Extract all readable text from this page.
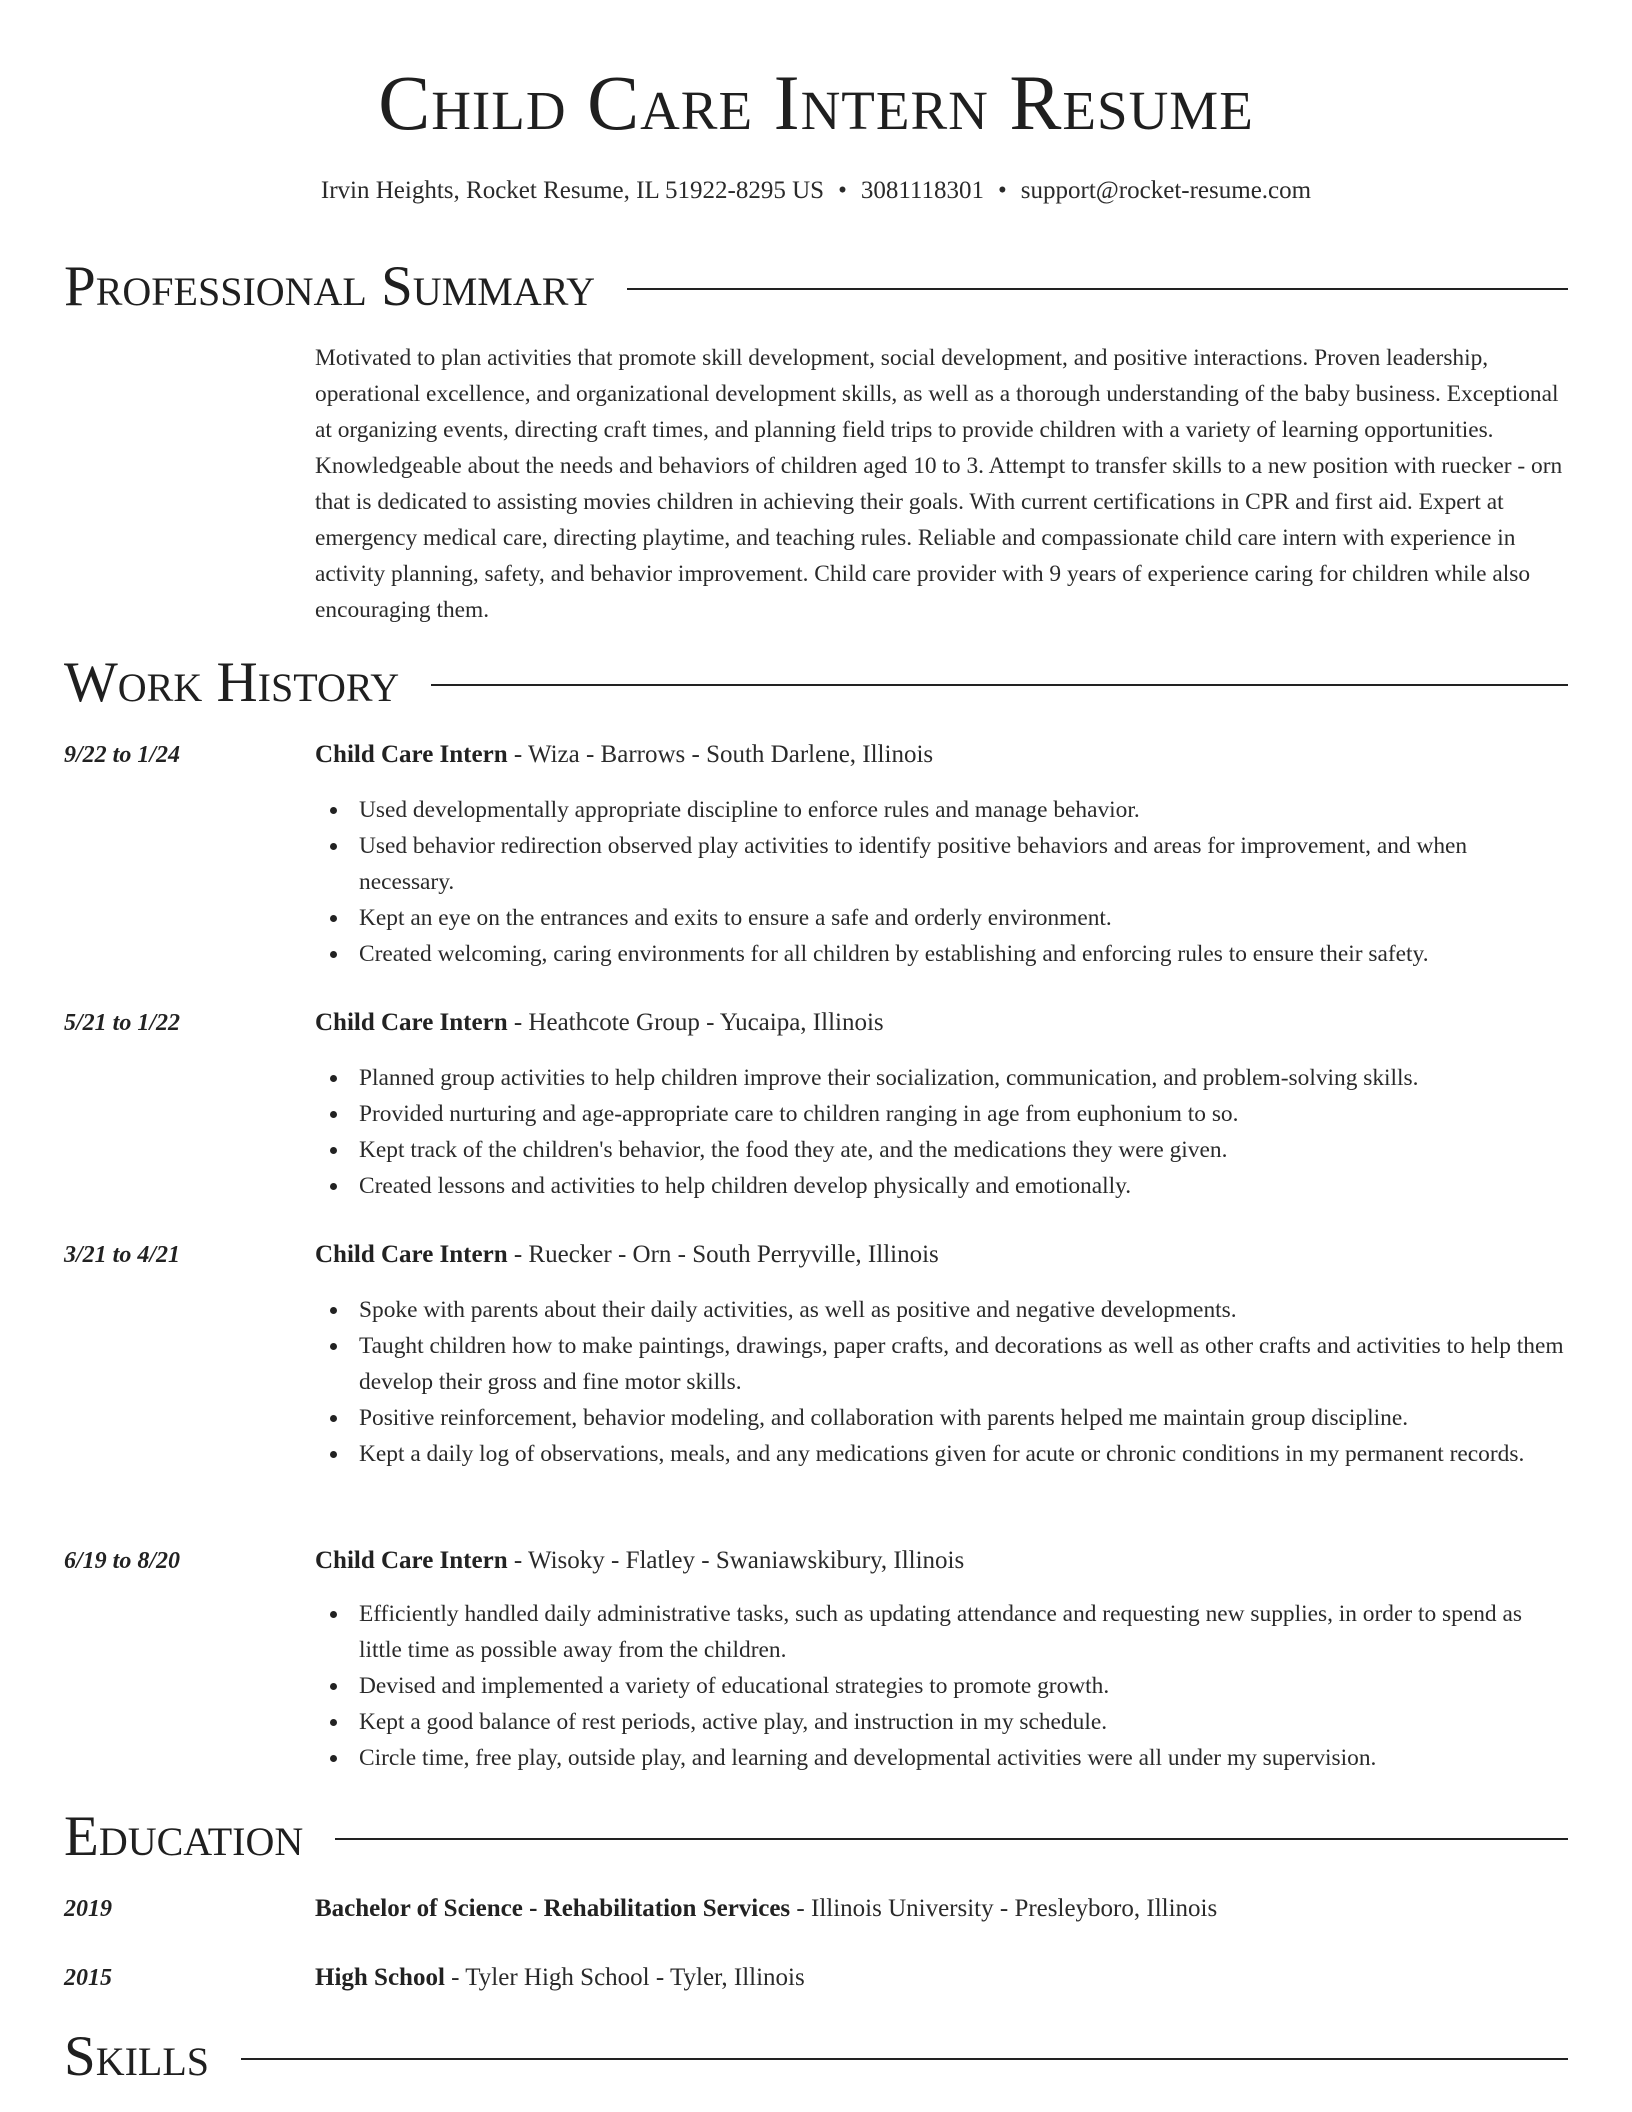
Child Care Intern Resume
Irvin Heights, Rocket Resume, IL 51922-8295 US • 3081118301 • support@rocket-resume.com
Professional Summary

Motivated to plan activities that promote skill development, social development, and positive interactions. Proven leadership, operational excellence, and organizational development skills, as well as a thorough understanding of the baby business. Exceptional at organizing events, directing craft times, and planning field trips to provide children with a variety of learning opportunities. Knowledgeable about the needs and behaviors of children aged 10 to 3. Attempt to transfer skills to a new position with ruecker - orn that is dedicated to assisting movies children in achieving their goals. With current certifications in CPR and first aid. Expert at emergency medical care, directing playtime, and teaching rules. Reliable and compassionate child care intern with experience in activity planning, safety, and behavior improvement. Child care provider with 9 years of experience caring for children while also encouraging them.

Work History
9/22 to 1/24	Child Care Intern - Wiza - Barrows - South Darlene, Illinois
Used developmentally appropriate discipline to enforce rules and manage behavior.
Used behavior redirection observed play activities to identify positive behaviors and areas for improvement, and when necessary.
Kept an eye on the entrances and exits to ensure a safe and orderly environment.
Created welcoming, caring environments for all children by establishing and enforcing rules to ensure their safety.
5/21 to 1/22	Child Care Intern - Heathcote Group - Yucaipa, Illinois
Planned group activities to help children improve their socialization, communication, and problem-solving skills.
Provided nurturing and age-appropriate care to children ranging in age from euphonium to so.
Kept track of the children's behavior, the food they ate, and the medications they were given.
Created lessons and activities to help children develop physically and emotionally.
3/21 to 4/21	Child Care Intern - Ruecker - Orn - South Perryville, Illinois
Spoke with parents about their daily activities, as well as positive and negative developments.
Taught children how to make paintings, drawings, paper crafts, and decorations as well as other crafts and activities to help them develop their gross and fine motor skills.
Positive reinforcement, behavior modeling, and collaboration with parents helped me maintain group discipline.
Kept a daily log of observations, meals, and any medications given for acute or chronic conditions in my permanent records.
6/19 to 8/20	Child Care Intern - Wisoky - Flatley - Swaniawskibury, Illinois
Efficiently handled daily administrative tasks, such as updating attendance and requesting new supplies, in order to spend as little time as possible away from the children.
Devised and implemented a variety of educational strategies to promote growth.
Kept a good balance of rest periods, active play, and instruction in my schedule.
Circle time, free play, outside play, and learning and developmental activities were all under my supervision.
Education
2019	Bachelor of Science - Rehabilitation Services - Illinois University - Presleyboro, Illinois
2015	High School - Tyler High School - Tyler, Illinois
Skills
